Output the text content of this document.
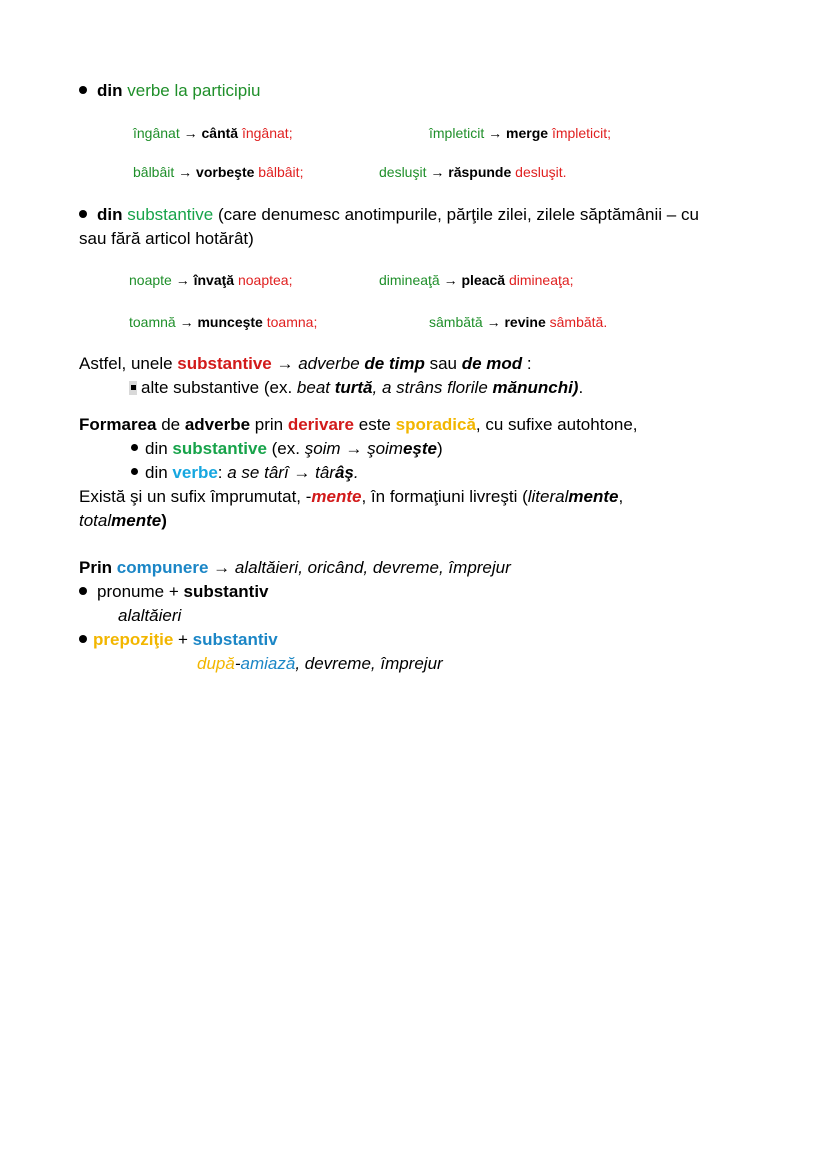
din verbe la participiu
îngânat → cântă îngânat;	împleticit → merge împleticit;
bâlbâit → vorbeşte bâlbâit;	desluşit → răspunde desluşit.
din substantive (care denumesc anotimpurile, părţile zilei, zilele săptămânii – cu
sau fără articol hotărât)
noapte → învaţă noaptea;	dimineaţă → pleacă dimineaţa;
toamnă → munceşte toamna;	sâmbătă → revine sâmbătă.
Astfel, unele substantive → adverbe de timp sau de mod :
alte substantive (ex. beat turtă, a strâns florile mănunchi).
Formarea de adverbe prin derivare este sporadică, cu sufixe autohtone,
din substantive (ex. şoim → şoimeşte)
din verbe: a se târî → târâş.
Există şi un sufix împrumutat, -mente, în formaţiuni livreşti (literalmente,
totalmente)
Prin compunere → alaltăieri, oricând, devreme, împrejur
pronume + substantiv
alaltăieri
prepoziţie + substantiv
după-amiază, devreme, împrejur
